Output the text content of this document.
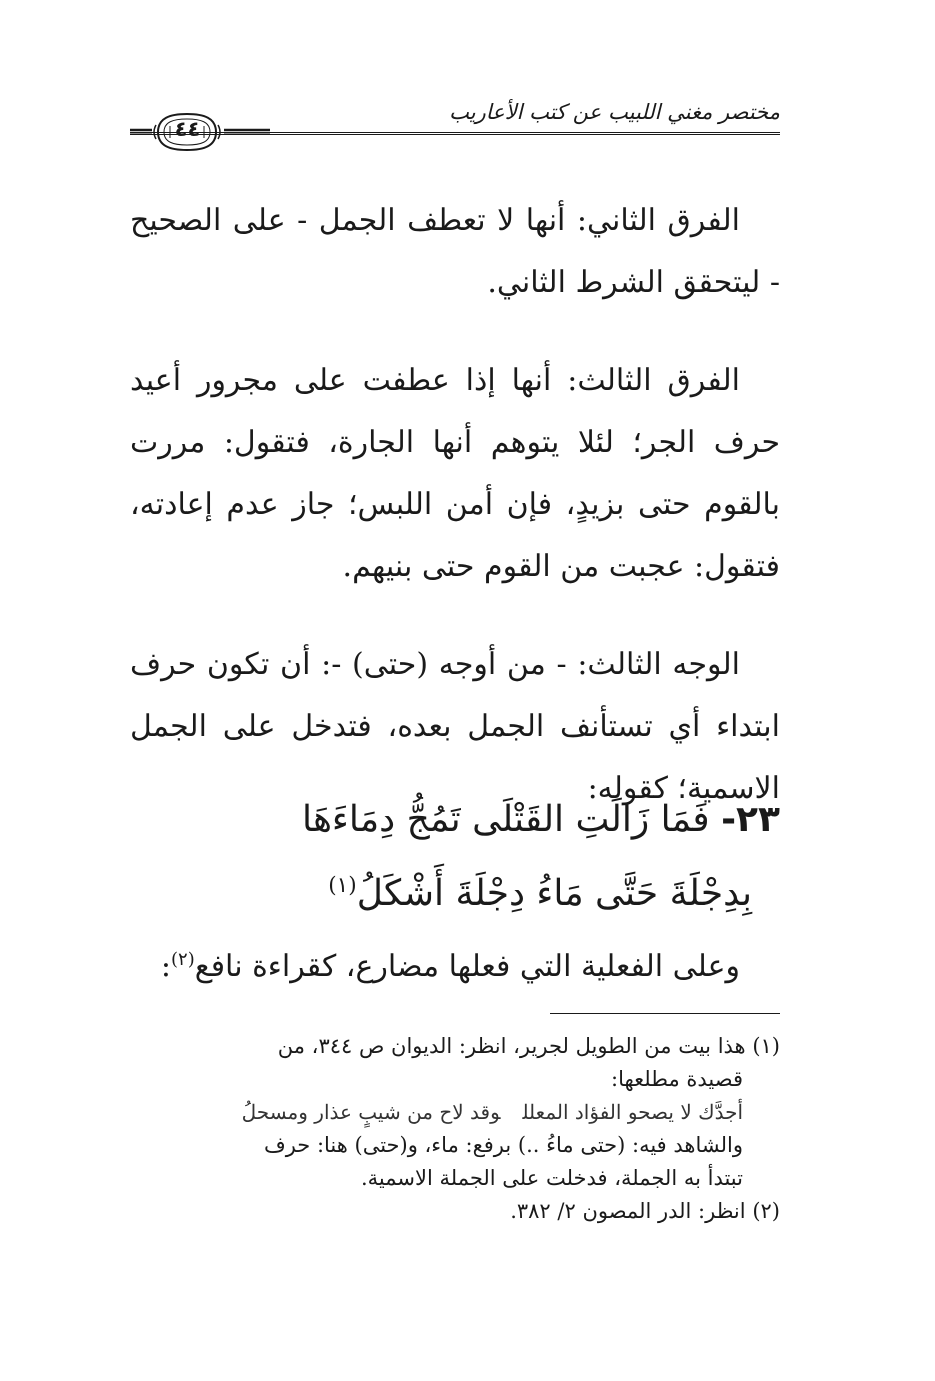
مختصر مغني اللبيب عن كتب الأعاريب
٤٤

الفرق الثاني: أنها لا تعطف الجمل - على الصحيح - ليتحقق الشرط الثاني.

الفرق الثالث: أنها إذا عطفت على مجرور أعيد حرف الجر؛ لئلا يتوهم أنها الجارة، فتقول: مررت بالقوم حتى بزيدٍ، فإن أمن اللبس؛ جاز عدم إعادته، فتقول: عجبت من القوم حتى بنيهم.

الوجه الثالث: - من أوجه (حتى) -: أن تكون حرف ابتداء أي تستأنف الجمل بعده، فتدخل على الجمل الاسمية؛ كقوله:

٢٣- فَمَا زَالَتِ القَتْلَى تَمُجُّ دِمَاءَهَا
بِدِجْلَةَ حَتَّى مَاءُ دِجْلَةَ أَشْكَلُ$^{(١)}$
وعلى الفعلية التي فعلها مضارع، كقراءة نافع$^{(٢)}$:

(١) هذا بيت من الطويل لجرير، انظر: الديوان ص ٣٤٤، من

قصيدة مطلعها:

أجدَّك لا يصحو الفؤاد المعللوقد لاح من شيبٍ عذار ومسحلُ

والشاهد فيه: (حتى ماءُ ..) برفع: ماء، و(حتى) هنا: حرف

تبتدأ به الجملة، فدخلت على الجملة الاسمية.

(٢) انظر: الدر المصون ٢/ ٣٨٢.
